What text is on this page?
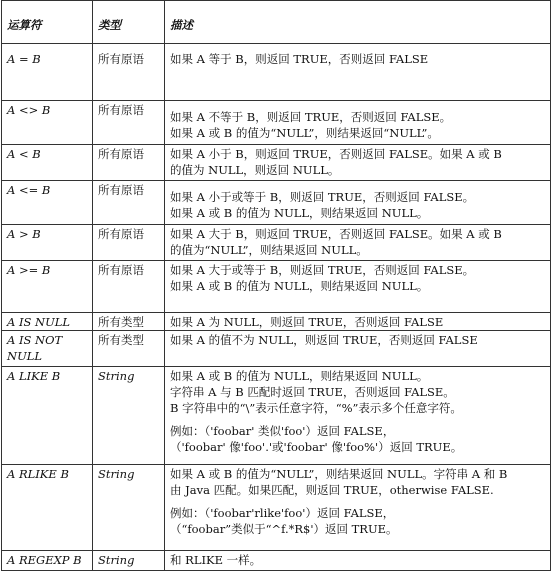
运算符	类型	描述

A = B	所有原语	如果 A 等于 B，则返回 TRUE，否则返回 FALSE

A <> B	所有原语	如果 A 不等于 B，则返回 TRUE，否则返回 FALSE。
如果 A 或 B 的值为“NULL”，则结果返回“NULL”。

A < B	所有原语	如果 A 小于 B，则返回 TRUE，否则返回 FALSE。如果 A 或 B
的值为 NULL，则返回 NULL。

A <= B	所有原语	如果 A 小于或等于 B，则返回 TRUE，否则返回 FALSE。
如果 A 或 B 的值为 NULL，则结果返回 NULL。

A > B	所有原语	如果 A 大于 B，则返回 TRUE，否则返回 FALSE。如果 A 或 B
的值为“NULL”，则结果返回 NULL。

A >= B	所有原语	如果 A 大于或等于 B，则返回 TRUE，否则返回 FALSE。
如果 A 或 B 的值为 NULL，则结果返回 NULL。

A IS NULL	所有类型	如果 A 为 NULL，则返回 TRUE，否则返回 FALSE

A IS NOT
NULL	所有类型	如果 A 的值不为 NULL，则返回 TRUE，否则返回 FALSE

A LIKE B	String	如果 A 或 B 的值为 NULL，则结果返回 NULL。
字符串 A 与 B 匹配时返回 TRUE，否则返回 FALSE。
B 字符串中的“\”表示任意字符，“%”表示多个任意字符。
例如：（'foobar' 类似'foo'）返回 FALSE，
（'foobar' 像'foo'.'或'foobar' 像'foo%'）返回 TRUE。

A RLIKE B	String	如果 A 或 B 的值为“NULL”，则结果返回 NULL。字符串 A 和 B
由 Java 匹配。如果匹配，则返回 TRUE，otherwise FALSE.
例如：（'foobar'rlike'foo'）返回 FALSE，
（“foobar”类似于“^f.*R$'）返回 TRUE。

A REGEXP B	String	和 RLIKE 一样。
